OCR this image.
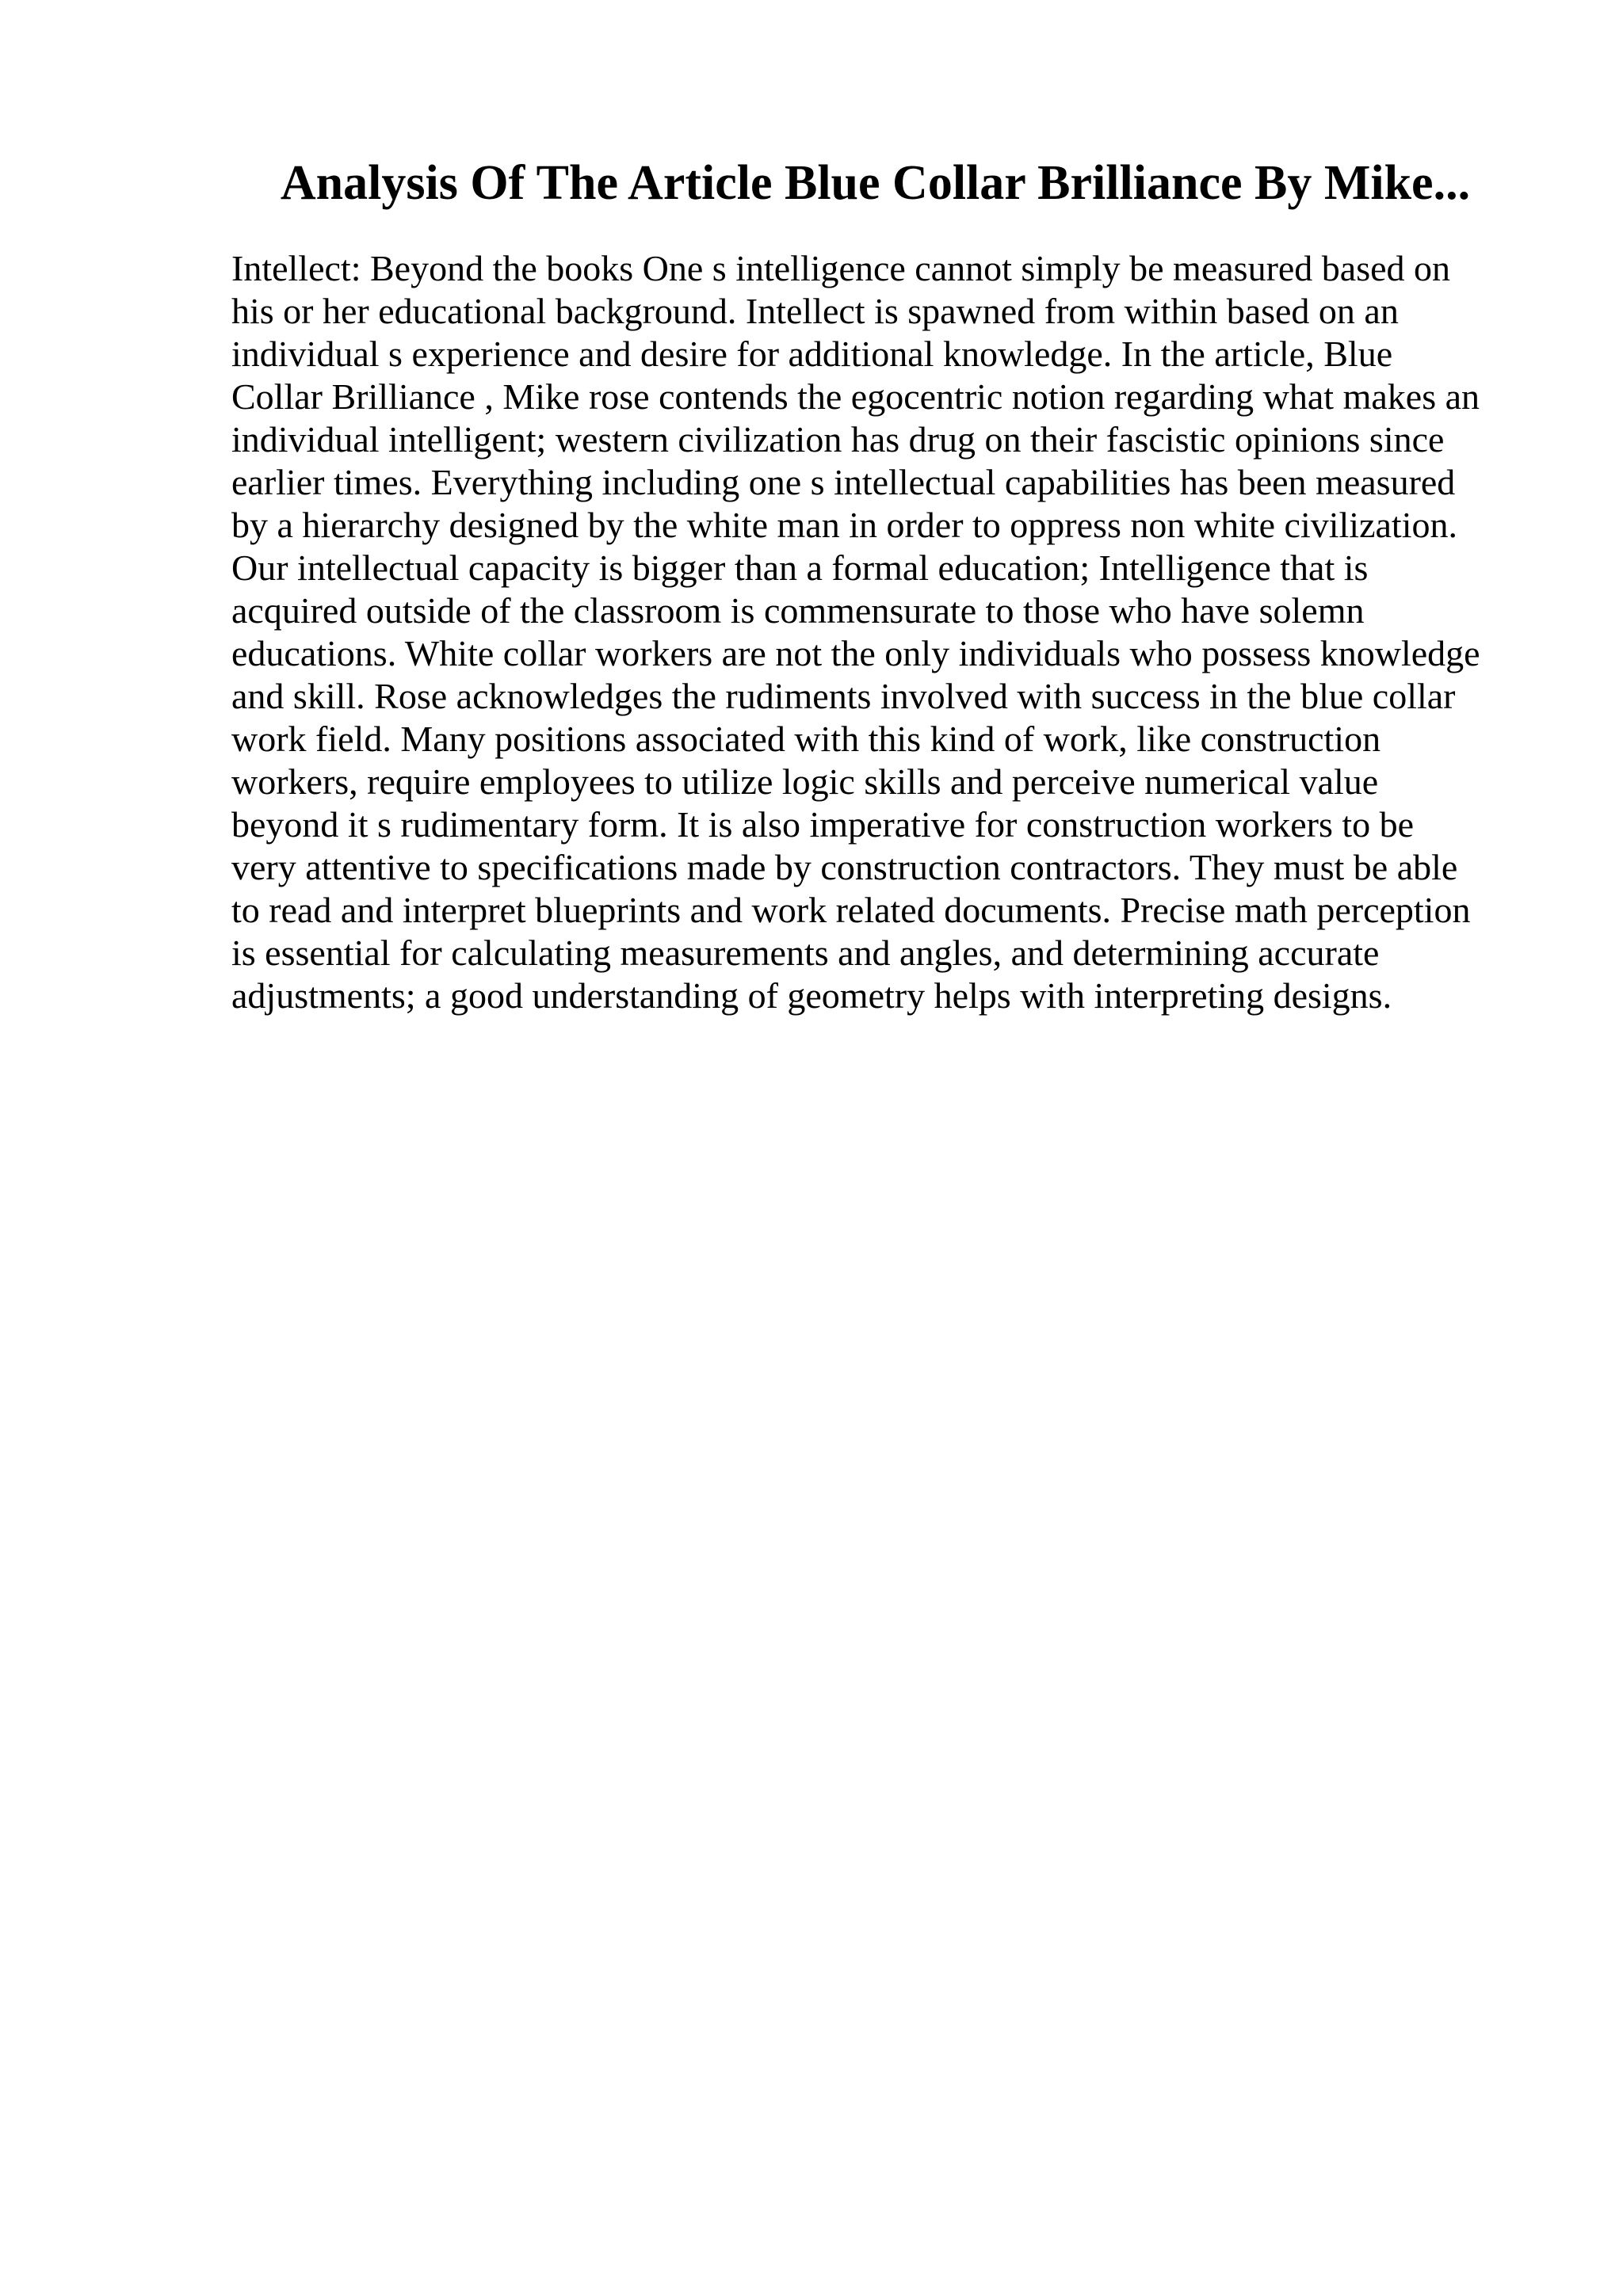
Analysis Of The Article Blue Collar Brilliance By Mike...
Intellect: Beyond the books One s intelligence cannot simply be measured based on
his or her educational background. Intellect is spawned from within based on an
individual s experience and desire for additional knowledge. In the article, Blue
Collar Brilliance , Mike rose contends the egocentric notion regarding what makes an
individual intelligent; western civilization has drug on their fascistic opinions since
earlier times. Everything including one s intellectual capabilities has been measured
by a hierarchy designed by the white man in order to oppress non white civilization.
Our intellectual capacity is bigger than a formal education; Intelligence that is
acquired outside of the classroom is commensurate to those who have solemn
educations. White collar workers are not the only individuals who possess knowledge
and skill. Rose acknowledges the rudiments involved with success in the blue collar
work field. Many positions associated with this kind of work, like construction
workers, require employees to utilize logic skills and perceive numerical value
beyond it s rudimentary form. It is also imperative for construction workers to be
very attentive to specifications made by construction contractors. They must be able
to read and interpret blueprints and work related documents. Precise math perception
is essential for calculating measurements and angles, and determining accurate
adjustments; a good understanding of geometry helps with interpreting designs.
